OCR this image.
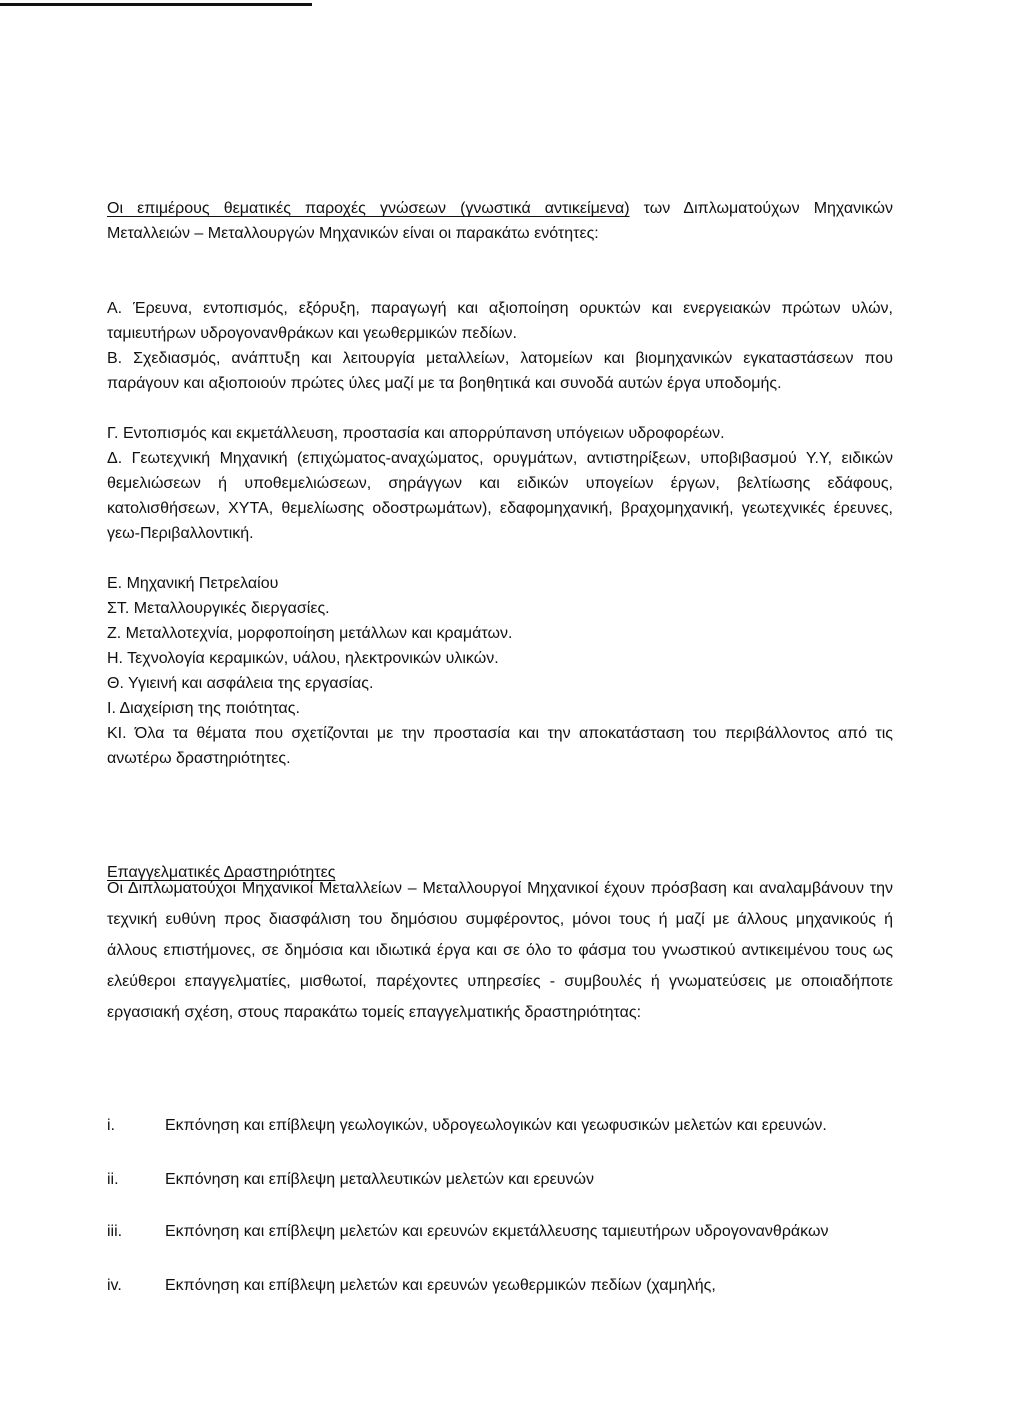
Οι επιμέρους θεματικές παροχές γνώσεων (γνωστικά αντικείμενα) των Διπλωματούχων Μηχανικών Μεταλλειών – Μεταλλουργών Μηχανικών είναι οι παρακάτω ενότητες:
Α. Έρευνα, εντοπισμός, εξόρυξη, παραγωγή και αξιοποίηση ορυκτών και ενεργειακών πρώτων υλών, ταμιευτήρων υδρογονανθράκων και γεωθερμικών πεδίων.
Β. Σχεδιασμός, ανάπτυξη και λειτουργία μεταλλείων, λατομείων και βιομηχανικών εγκαταστάσεων που παράγουν και αξιοποιούν πρώτες ύλες μαζί με τα βοηθητικά και συνοδά αυτών έργα υποδομής.
Γ. Εντοπισμός και εκμετάλλευση, προστασία και απορρύπανση υπόγειων υδροφορέων.
Δ. Γεωτεχνική Μηχανική (επιχώματος-αναχώματος, ορυγμάτων, αντιστηρίξεων, υποβιβασμού Υ.Υ, ειδικών θεμελιώσεων ή υποθεμελιώσεων, σηράγγων και ειδικών υπογείων έργων, βελτίωσης εδάφους, κατολισθήσεων, ΧΥΤΑ, θεμελίωσης οδοστρωμάτων), εδαφομηχανική, βραχομηχανική, γεωτεχνικές έρευνες, γεω-Περιβαλλοντική.
Ε. Μηχανική Πετρελαίου
ΣΤ. Μεταλλουργικές διεργασίες.
Ζ. Μεταλλοτεχνία, μορφοποίηση μετάλλων και κραμάτων.
Η. Τεχνολογία κεραμικών, υάλου, ηλεκτρονικών υλικών.
Θ. Υγιεινή και ασφάλεια της εργασίας.
Ι. Διαχείριση της ποιότητας.
ΚΙ. Όλα τα θέματα που σχετίζονται με την προστασία και την αποκατάσταση του περιβάλλοντος από τις ανωτέρω δραστηριότητες.
Επαγγελματικές Δραστηριότητες
Οι Διπλωματούχοι Μηχανικοί Μεταλλείων – Μεταλλουργοί Μηχανικοί έχουν πρόσβαση και αναλαμβάνουν την τεχνική ευθύνη προς διασφάλιση του δημόσιου συμφέροντος, μόνοι τους ή μαζί με άλλους μηχανικούς ή άλλους επιστήμονες, σε δημόσια και ιδιωτικά έργα και σε όλο το φάσμα του γνωστικού αντικειμένου τους ως ελεύθεροι επαγγελματίες, μισθωτοί, παρέχοντες υπηρεσίες - συμβουλές ή γνωματεύσεις με οποιαδήποτε εργασιακή σχέση, στους παρακάτω τομείς επαγγελματικής δραστηριότητας:
i.	Εκπόνηση και επίβλεψη γεωλογικών, υδρογεωλογικών και γεωφυσικών μελετών και ερευνών.
ii.	Εκπόνηση και επίβλεψη μεταλλευτικών μελετών και ερευνών
iii.	Εκπόνηση και επίβλεψη μελετών και ερευνών εκμετάλλευσης ταμιευτήρων υδρογονανθράκων
iv.	Εκπόνηση και επίβλεψη μελετών και ερευνών γεωθερμικών πεδίων (χαμηλής,
